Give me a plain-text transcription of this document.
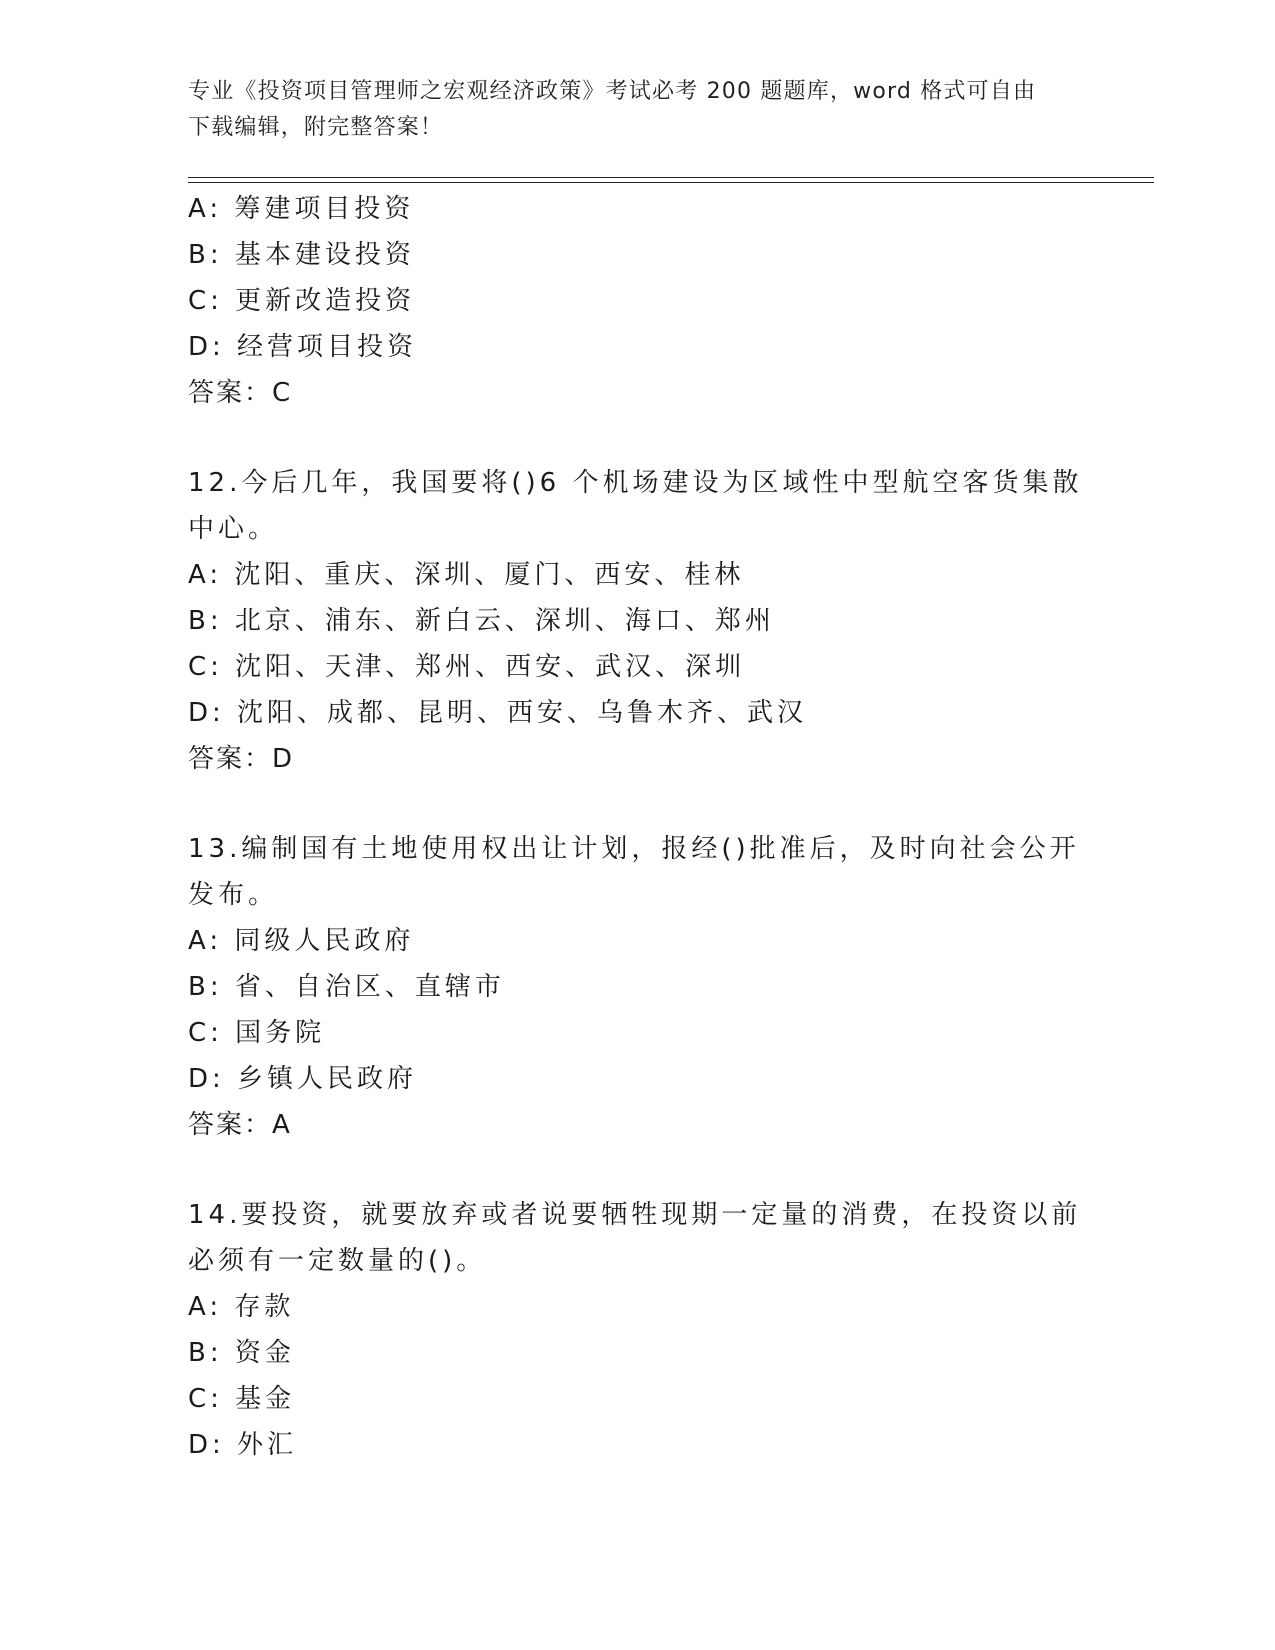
专业《投资项目管理师之宏观经济政策》考试必考 200 题题库，word 格式可自由
下载编辑，附完整答案！
A: 筹建项目投资
B: 基本建设投资
C: 更新改造投资
D: 经营项目投资
答案：C
12.今后几年，我国要将()6 个机场建设为区域性中型航空客货集散中心。
A: 沈阳、重庆、深圳、厦门、西安、桂林
B: 北京、浦东、新白云、深圳、海口、郑州
C: 沈阳、天津、郑州、西安、武汉、深圳
D: 沈阳、成都、昆明、西安、乌鲁木齐、武汉
答案：D
13.编制国有土地使用权出让计划，报经()批准后，及时向社会公开发布。
A: 同级人民政府
B: 省、自治区、直辖市
C: 国务院
D: 乡镇人民政府
答案：A
14.要投资，就要放弃或者说要牺牲现期一定量的消费，在投资以前必须有一定数量的()。
A: 存款
B: 资金
C: 基金
D: 外汇
